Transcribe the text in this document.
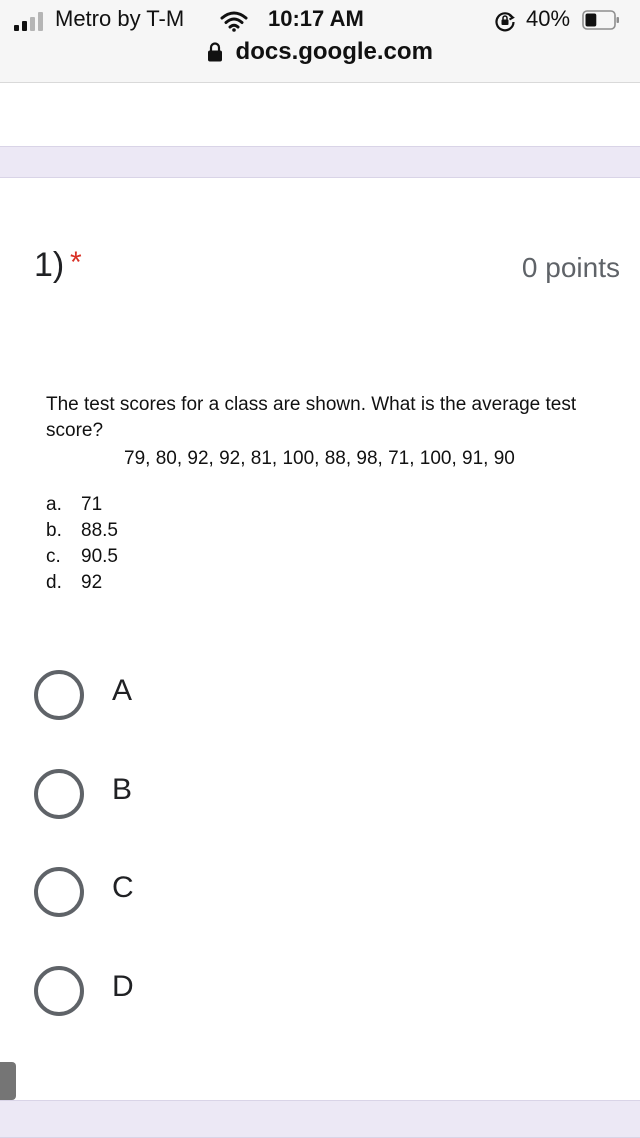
Metro by T-M	10:17 AM	40%
docs.google.com
1) *	0 points

The test scores for a class are shown. What is the average test score?

79, 80, 92, 92, 81, 100, 88, 98, 71, 100, 91, 90

a. 71
b. 88.5
c. 90.5
d. 92
A
B
C
D
